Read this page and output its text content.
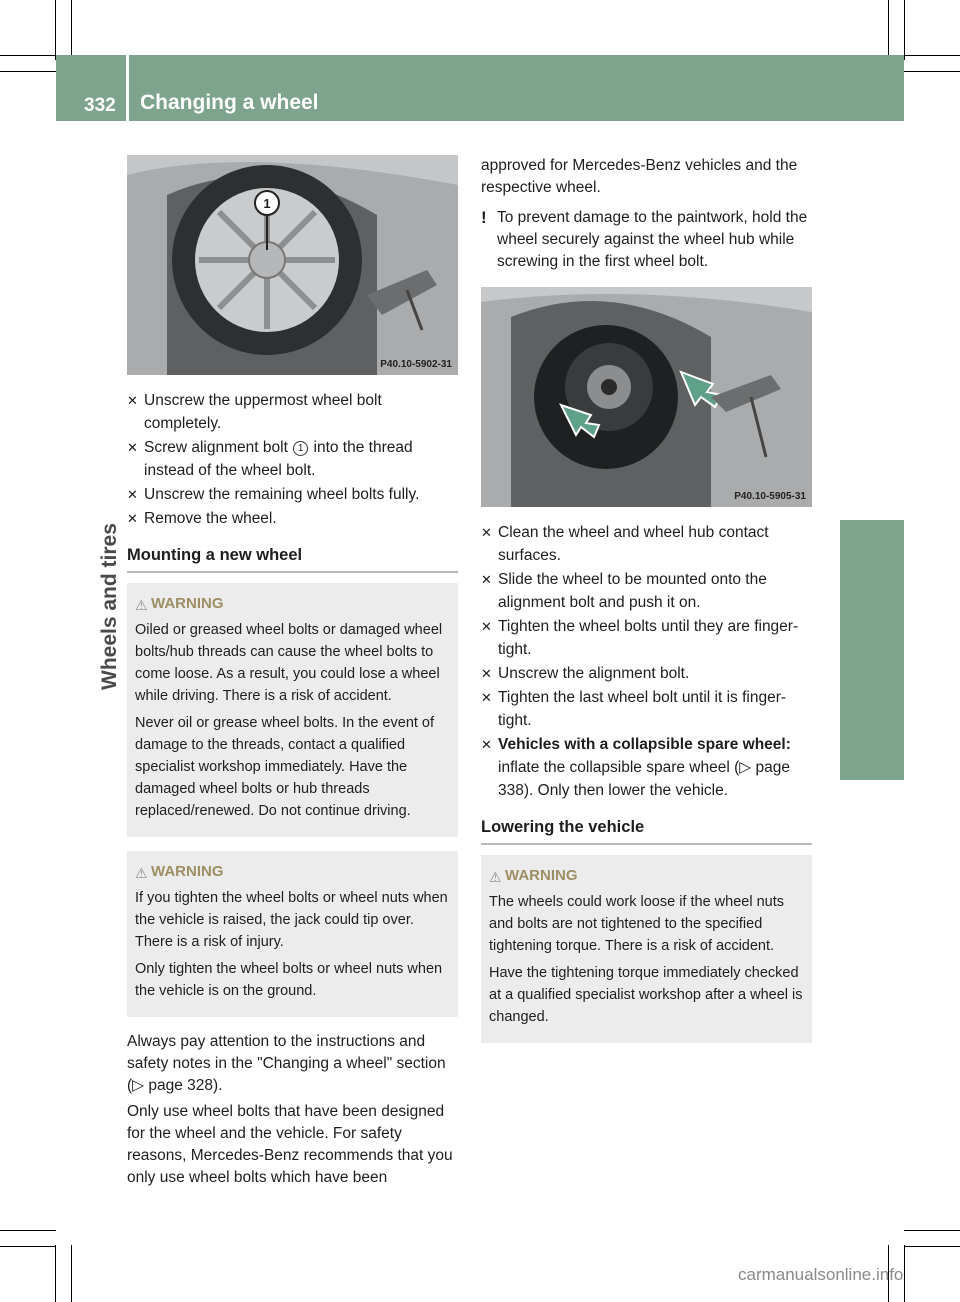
332 Changing a wheel
Wheels and tires
1
P40.10-5902-31
✕ Unscrew the uppermost wheel bolt completely.
✕ Screw alignment bolt 1 into the thread instead of the wheel bolt.
✕ Unscrew the remaining wheel bolts fully.
✕ Remove the wheel.
Mounting a new wheel
⚠ WARNING

Oiled or greased wheel bolts or damaged wheel bolts/hub threads can cause the wheel bolts to come loose. As a result, you could lose a wheel while driving. There is a risk of accident.

Never oil or grease wheel bolts. In the event of damage to the threads, contact a qualified specialist workshop immediately. Have the damaged wheel bolts or hub threads replaced/renewed. Do not continue driving.

⚠ WARNING

If you tighten the wheel bolts or wheel nuts when the vehicle is raised, the jack could tip over. There is a risk of injury.

Only tighten the wheel bolts or wheel nuts when the vehicle is on the ground.

Always pay attention to the instructions and safety notes in the "Changing a wheel" section (▷ page 328).

Only use wheel bolts that have been designed for the wheel and the vehicle. For safety reasons, Mercedes-Benz recommends that you only use wheel bolts which have been

approved for Mercedes-Benz vehicles and the respective wheel.

! To prevent damage to the paintwork, hold the wheel securely against the wheel hub while screwing in the first wheel bolt.
P40.10-5905-31
✕ Clean the wheel and wheel hub contact surfaces.
✕ Slide the wheel to be mounted onto the alignment bolt and push it on.
✕ Tighten the wheel bolts until they are finger-tight.
✕ Unscrew the alignment bolt.
✕ Tighten the last wheel bolt until it is finger-tight.
✕ Vehicles with a collapsible spare wheel: inflate the collapsible spare wheel (▷ page 338). Only then lower the vehicle.
Lowering the vehicle
⚠ WARNING

The wheels could work loose if the wheel nuts and bolts are not tightened to the specified tightening torque. There is a risk of accident.

Have the tightening torque immediately checked at a qualified specialist workshop after a wheel is changed.

carmanualsonline.info
